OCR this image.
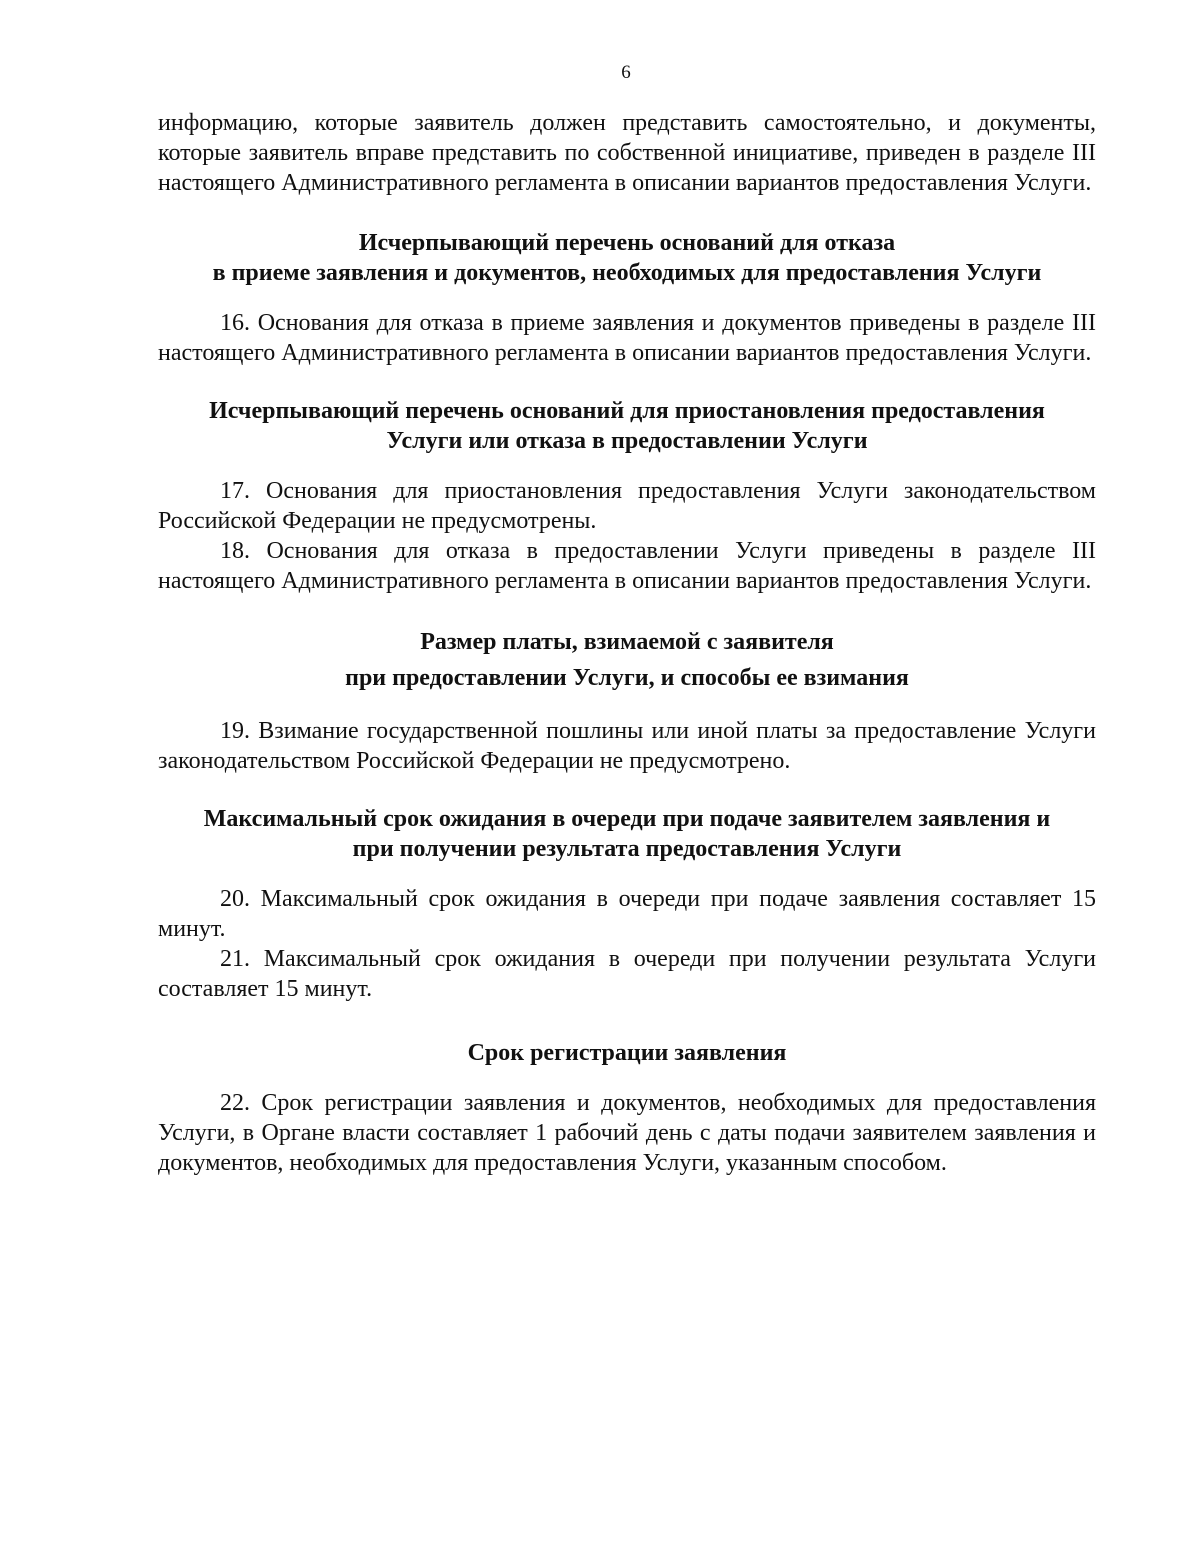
6

информацию, которые заявитель должен представить самостоятельно, и документы, которые заявитель вправе представить по собственной инициативе, приведен в разделе III настоящего Административного регламента в описании вариантов предоставления Услуги.

Исчерпывающий перечень оснований для отказа
в приеме заявления и документов, необходимых для предоставления Услуги

16. Основания для отказа в приеме заявления и документов приведены в разделе III настоящего Административного регламента в описании вариантов предоставления Услуги.

Исчерпывающий перечень оснований для приостановления предоставления
Услуги или отказа в предоставлении Услуги

17. Основания для приостановления предоставления Услуги законодательством Российской Федерации не предусмотрены.

18. Основания для отказа в предоставлении Услуги приведены в разделе III настоящего Административного регламента в описании вариантов предоставления Услуги.

Размер платы, взимаемой с заявителя
при предоставлении Услуги, и способы ее взимания

19. Взимание государственной пошлины или иной платы за предоставление Услуги законодательством Российской Федерации не предусмотрено.

Максимальный срок ожидания в очереди при подаче заявителем заявления и
при получении результата предоставления Услуги

20. Максимальный срок ожидания в очереди при подаче заявления составляет 15 минут.

21. Максимальный срок ожидания в очереди при получении результата Услуги составляет 15 минут.

Срок регистрации заявления

22. Срок регистрации заявления и документов, необходимых для предоставления Услуги, в Органе власти составляет 1 рабочий день с даты подачи заявителем заявления и документов, необходимых для предоставления Услуги, указанным способом.
